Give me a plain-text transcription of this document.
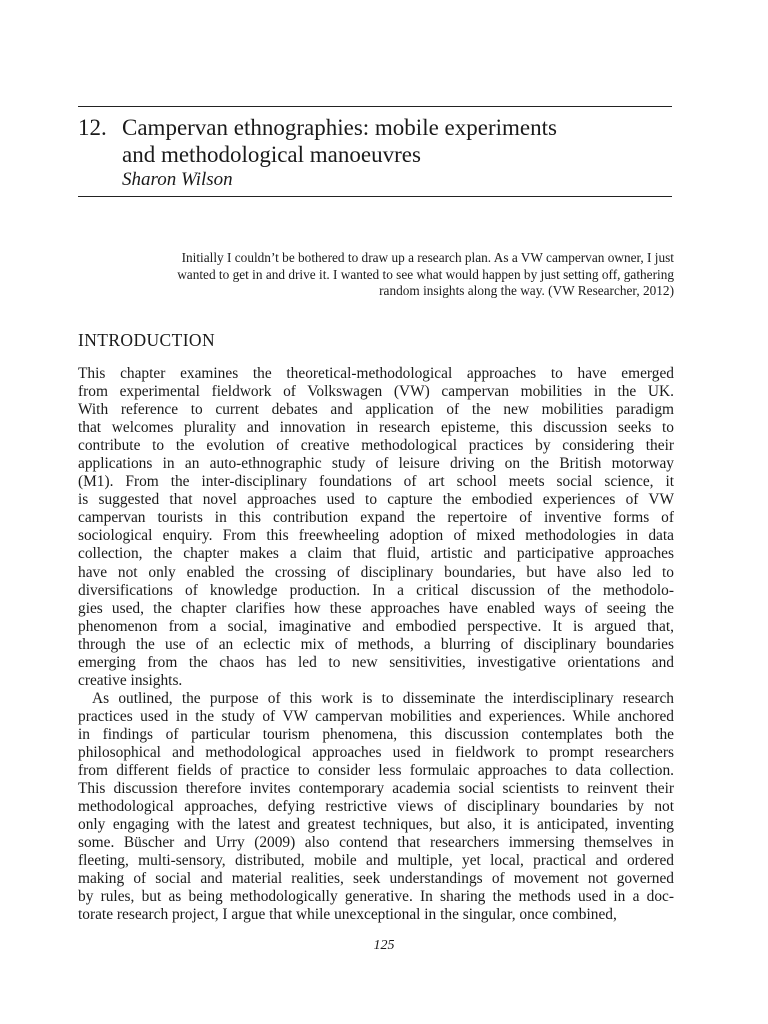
12. Campervan ethnographies: mobile experiments
and methodological manoeuvres
Sharon Wilson
Initially I couldn’t be bothered to draw up a research plan. As a VW campervan owner, I just
wanted to get in and drive it. I wanted to see what would happen by just setting off, gathering
random insights along the way. (VW Researcher, 2012)
INTRODUCTION
This chapter examines the theoretical-methodological approaches to have emerged
from experimental fieldwork of Volkswagen (VW) campervan mobilities in the UK.
With reference to current debates and application of the new mobilities paradigm
that welcomes plurality and innovation in research episteme, this discussion seeks to
contribute to the evolution of creative methodological practices by considering their
applications in an auto-ethnographic study of leisure driving on the British motorway
(M1). From the inter-disciplinary foundations of art school meets social science, it
is suggested that novel approaches used to capture the embodied experiences of VW
campervan tourists in this contribution expand the repertoire of inventive forms of
sociological enquiry. From this freewheeling adoption of mixed methodologies in data
collection, the chapter makes a claim that fluid, artistic and participative approaches
have not only enabled the crossing of disciplinary boundaries, but have also led to
diversifications of knowledge production. In a critical discussion of the methodolo-
gies used, the chapter clarifies how these approaches have enabled ways of seeing the
phenomenon from a social, imaginative and embodied perspective. It is argued that,
through the use of an eclectic mix of methods, a blurring of disciplinary boundaries
emerging from the chaos has led to new sensitivities, investigative orientations and
creative insights.
As outlined, the purpose of this work is to disseminate the interdisciplinary research
practices used in the study of VW campervan mobilities and experiences. While anchored
in findings of particular tourism phenomena, this discussion contemplates both the
philosophical and methodological approaches used in fieldwork to prompt researchers
from different fields of practice to consider less formulaic approaches to data collection.
This discussion therefore invites contemporary academia social scientists to reinvent their
methodological approaches, defying restrictive views of disciplinary boundaries by not
only engaging with the latest and greatest techniques, but also, it is anticipated, inventing
some. Büscher and Urry (2009) also contend that researchers immersing themselves in
fleeting, multi-sensory, distributed, mobile and multiple, yet local, practical and ordered
making of social and material realities, seek understandings of movement not governed
by rules, but as being methodologically generative. In sharing the methods used in a doc-
torate research project, I argue that while unexceptional in the singular, once combined,
125
